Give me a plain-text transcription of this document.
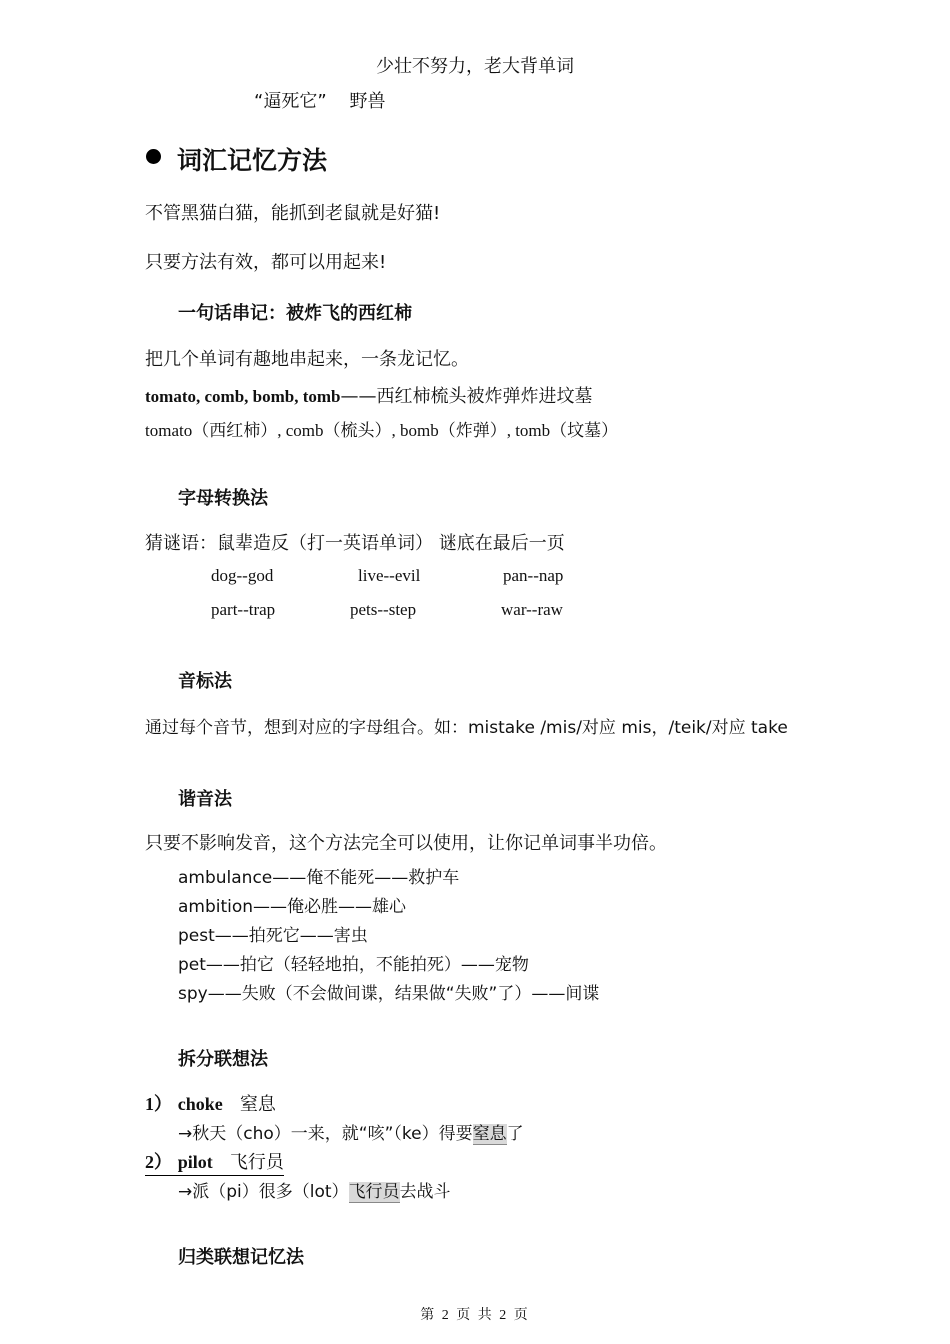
少壮不努力，老大背单词
“逼死它” 野兽
词汇记忆方法
不管黑猫白猫，能抓到老鼠就是好猫!
只要方法有效，都可以用起来!
一句话串记：被炸飞的西红柿
把几个单词有趣地串起来，一条龙记忆。
tomato, comb, bomb, tomb——西红柿梳头被炸弹炸进坟墓
tomato（西红柿）, comb（梳头）, bomb（炸弹）, tomb（坟墓）
字母转换法
猜谜语：鼠辈造反（打一英语单词） 谜底在最后一页
dog--god	live--evil	pan--nap
part--trap	pets--step	war--raw
音标法
通过每个音节，想到对应的字母组合。如：mistake /mis/对应 mis，/teik/对应 take
谐音法
只要不影响发音，这个方法完全可以使用，让你记单词事半功倍。
ambulance——俺不能死——救护车
ambition——俺必胜——雄心
pest——拍死它——害虫
pet——拍它（轻轻地拍，不能拍死）——宠物
spy——失败（不会做间谍，结果做“失败”了）——间谍
拆分联想法
1） choke 窒息
→秋天（cho）一来，就“咳”（ke）得要窒息了
2） pilot 飞行员
→派（pi）很多（lot）飞行员去战斗
归类联想记忆法
第 2 页 共 2 页
